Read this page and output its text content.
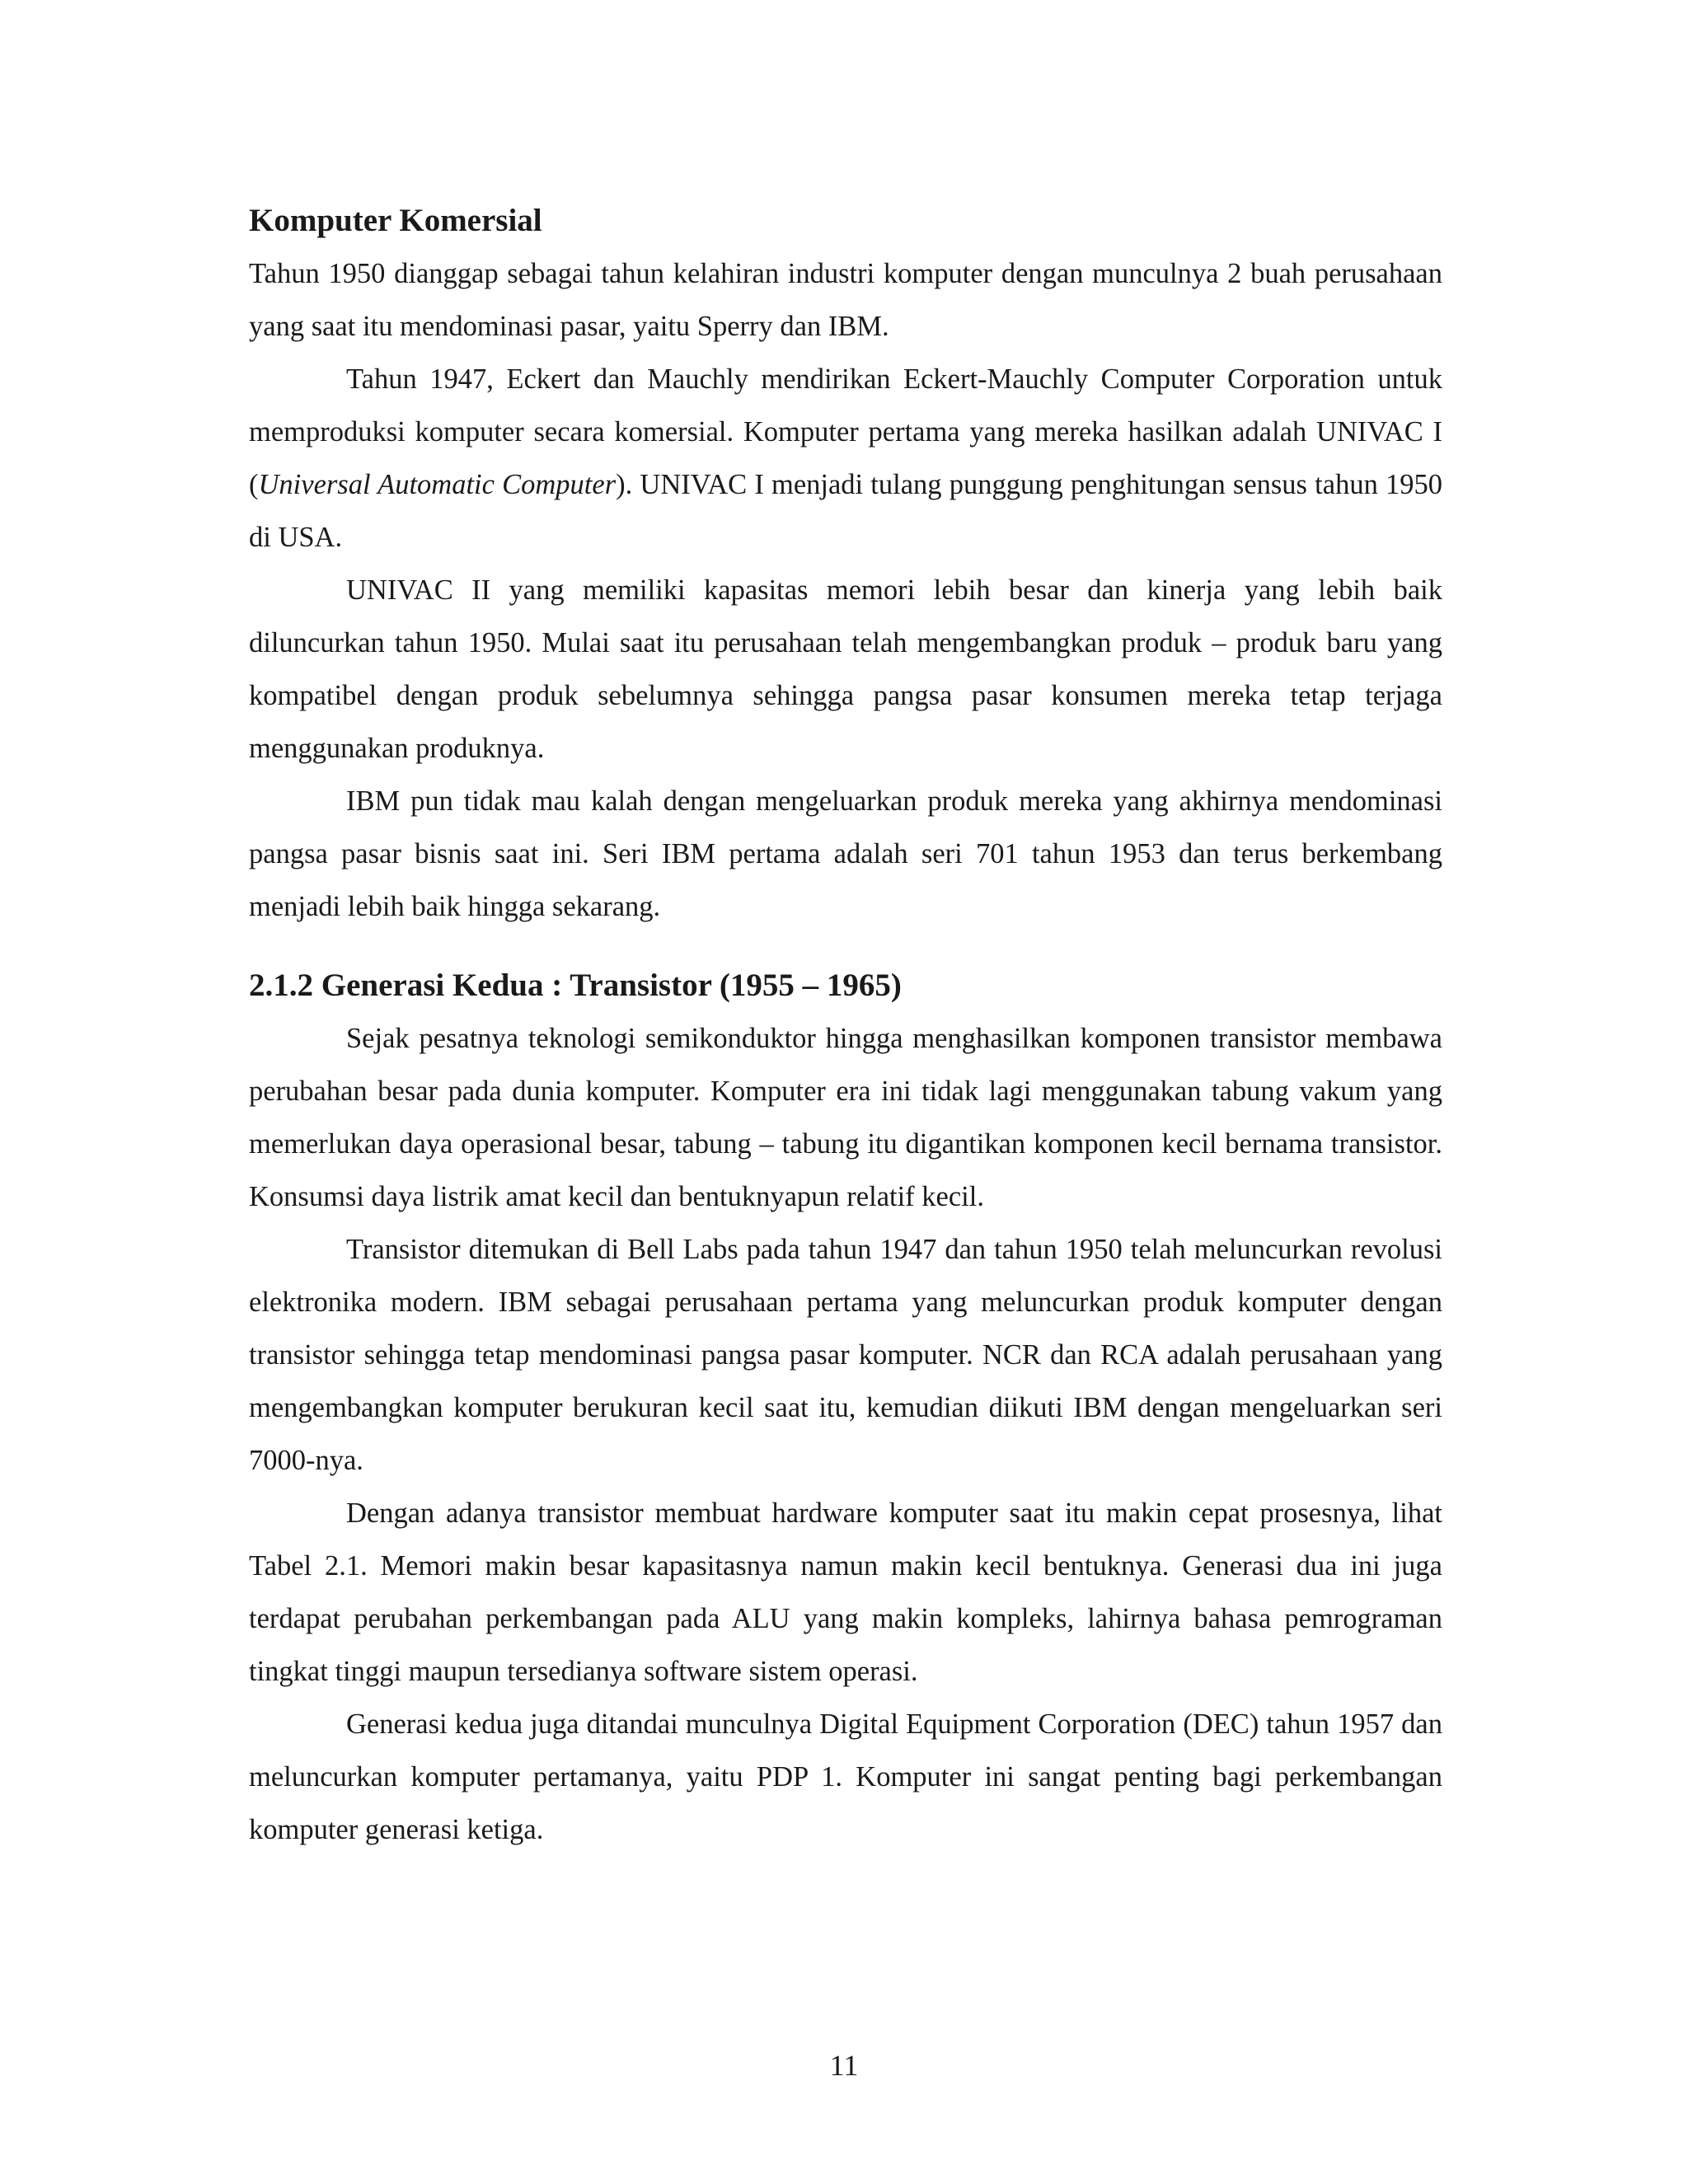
Komputer Komersial

Tahun 1950 dianggap sebagai tahun kelahiran industri komputer dengan munculnya 2 buah perusahaan yang saat itu mendominasi pasar, yaitu Sperry dan IBM.

Tahun 1947, Eckert dan Mauchly mendirikan Eckert-Mauchly Computer Corporation untuk memproduksi komputer secara komersial. Komputer pertama yang mereka hasilkan adalah UNIVAC I (Universal Automatic Computer). UNIVAC I menjadi tulang punggung penghitungan sensus tahun 1950 di USA.

UNIVAC II yang memiliki kapasitas memori lebih besar dan kinerja yang lebih baik diluncurkan tahun 1950. Mulai saat itu perusahaan telah mengembangkan produk – produk baru yang kompatibel dengan produk sebelumnya sehingga pangsa pasar konsumen mereka tetap terjaga menggunakan produknya.

IBM pun tidak mau kalah dengan mengeluarkan produk mereka yang akhirnya mendominasi pangsa pasar bisnis saat ini. Seri IBM pertama adalah seri 701 tahun 1953 dan terus berkembang menjadi lebih baik hingga sekarang.

2.1.2 Generasi Kedua : Transistor (1955 – 1965)

Sejak pesatnya teknologi semikonduktor hingga menghasilkan komponen transistor membawa perubahan besar pada dunia komputer. Komputer era ini tidak lagi menggunakan tabung vakum yang memerlukan daya operasional besar, tabung – tabung itu digantikan komponen kecil bernama transistor. Konsumsi daya listrik amat kecil dan bentuknyapun relatif kecil.

Transistor ditemukan di Bell Labs pada tahun 1947 dan tahun 1950 telah meluncurkan revolusi elektronika modern. IBM sebagai perusahaan pertama yang meluncurkan produk komputer dengan transistor sehingga tetap mendominasi pangsa pasar komputer. NCR dan RCA adalah perusahaan yang mengembangkan komputer berukuran kecil saat itu, kemudian diikuti IBM dengan mengeluarkan seri 7000-nya.

Dengan adanya transistor membuat hardware komputer saat itu makin cepat prosesnya, lihat Tabel 2.1. Memori makin besar kapasitasnya namun makin kecil bentuknya. Generasi dua ini juga terdapat perubahan perkembangan pada ALU yang makin kompleks, lahirnya bahasa pemrograman tingkat tinggi maupun tersedianya software sistem operasi.

Generasi kedua juga ditandai munculnya Digital Equipment Corporation (DEC) tahun 1957 dan meluncurkan komputer pertamanya, yaitu PDP 1. Komputer ini sangat penting bagi perkembangan komputer generasi ketiga.

11
